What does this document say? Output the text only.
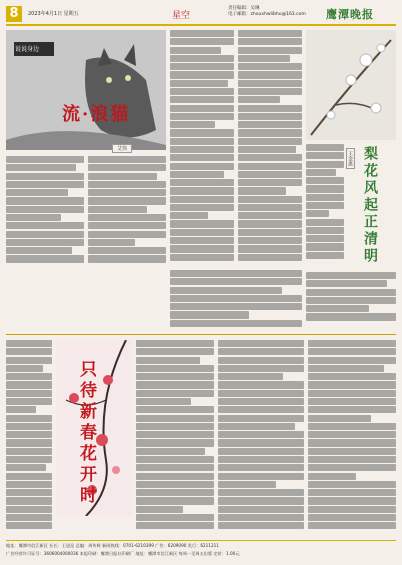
8	2023年4月1日 星期五	星空
责任编辑：吴琳
电子邮箱：zhouxhwlibhu@163.com 鹰潭晚报
说说身边
流·浪猫
艾伟	梨花风起正清明
王金惠
只待新春花开时
地址：鹰潭市信江新区 社长：王思昆 总编：周传辉 新闻热线：0701-6210399 广告：6209090 发行：6211211
广告经营许可证号：3606004000036 本报印刷：鹰潭日报社印刷厂 地址：鹰潭市信江新区 每周一至周五出版 定价：1.00元
